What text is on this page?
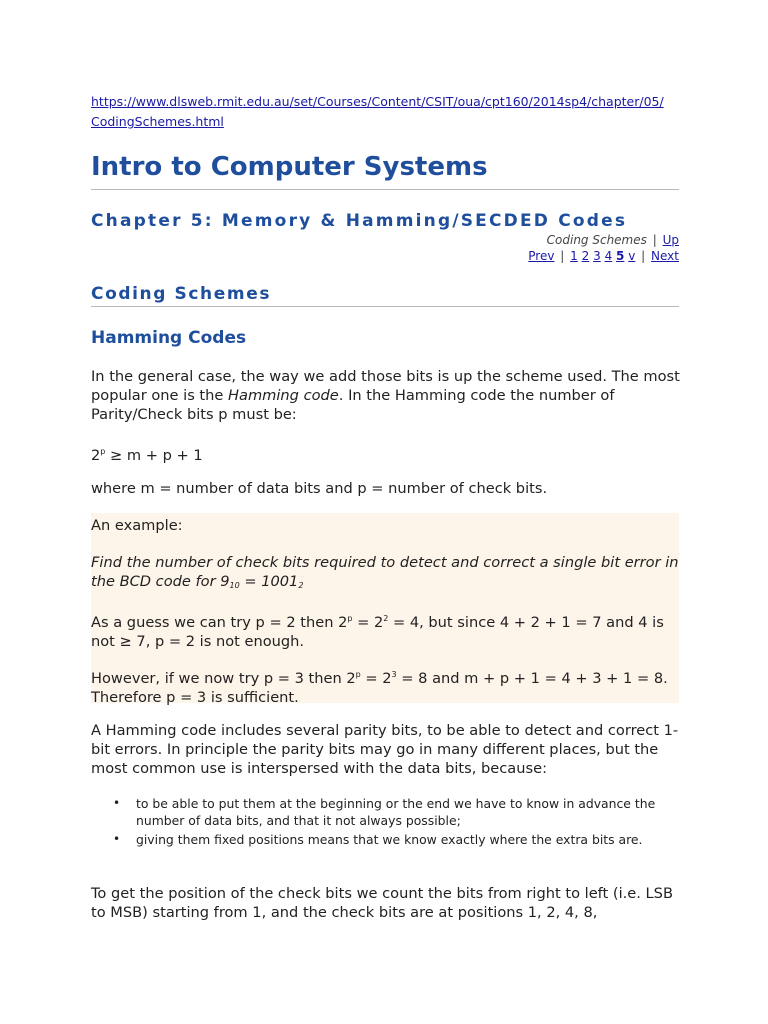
https://www.dlsweb.rmit.edu.au/set/Courses/Content/CSIT/oua/cpt160/2014sp4/chapter/05/
CodingSchemes.html
Intro to Computer Systems
Chapter 5: Memory & Hamming/SECDED Codes
Coding Schemes | Up
Prev | 1 2 3 4 5 v | Next
Coding Schemes
Hamming Codes

In the general case, the way we add those bits is up the scheme used. The most popular one is the Hamming code. In the Hamming code the number of Parity/Check bits p must be:

$2^p \ge m + p + 1$

where m = number of data bits and p = number of check bits.

An example:

Find the number of check bits required to detect and correct a single bit error in the BCD code for $9_{10} = 1001_2$

As a guess we can try p = 2 then $2^p = 2^2 = 4$, but since 4 + 2 + 1 = 7 and 4 is not ≥ 7, p = 2 is not enough.

However, if we now try p = 3 then $2^p = 2^3 = 8$ and m + p + 1 = 4 + 3 + 1 = 8. Therefore p = 3 is sufficient.

A Hamming code includes several parity bits, to be able to detect and correct 1-bit errors. In principle the parity bits may go in many different places, but the most common use is interspersed with the data bits, because:

• to be able to put them at the beginning or the end we have to know in advance the number of data bits, and that it not always possible;
• giving them fixed positions means that we know exactly where the extra bits are.

To get the position of the check bits we count the bits from right to left (i.e. LSB to MSB) starting from 1, and the check bits are at positions 1, 2, 4, 8,
